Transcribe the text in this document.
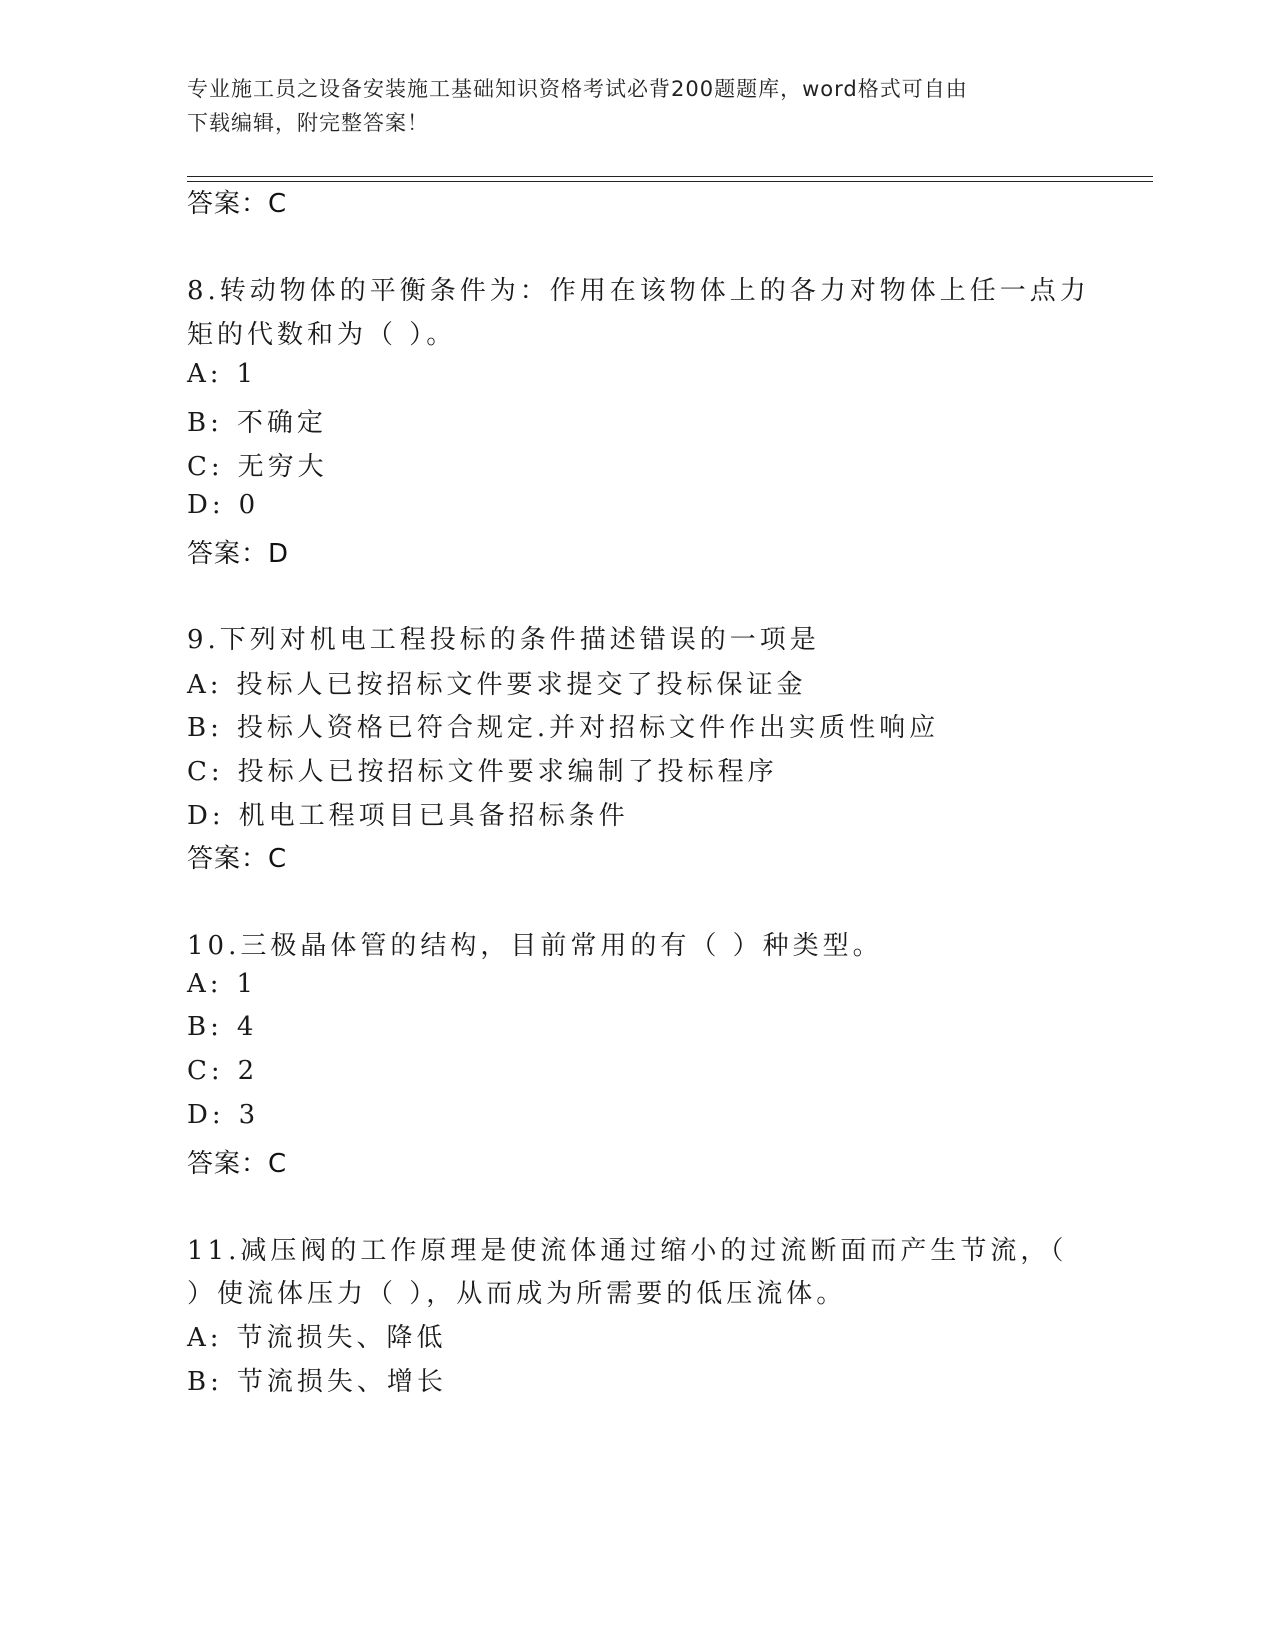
专业施工员之设备安装施工基础知识资格考试必背200题题库，word格式可自由
下载编辑，附完整答案！
答案：C
8.转动物体的平衡条件为：作用在该物体上的各力对物体上任一点力
矩的代数和为（ ）。
A: 1
B: 不确定
C: 无穷大
D: 0
答案：D
9.下列对机电工程投标的条件描述错误的一项是
A: 投标人已按招标文件要求提交了投标保证金
B: 投标人资格已符合规定.并对招标文件作出实质性响应
C: 投标人已按招标文件要求编制了投标程序
D: 机电工程项目已具备招标条件
答案：C
10.三极晶体管的结构，目前常用的有（ ）种类型。
A: 1
B: 4
C: 2
D: 3
答案：C
11.减压阀的工作原理是使流体通过缩小的过流断面而产生节流，（
）使流体压力（ ），从而成为所需要的低压流体。
A: 节流损失、降低
B: 节流损失、增长
